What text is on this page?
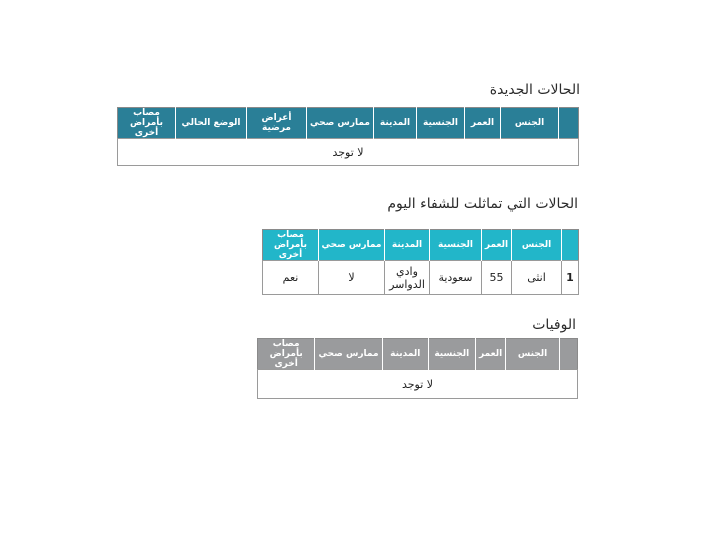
الحالات الجديدة
	الجنس	العمر	الجنسية	المدينة	ممارس صحي	أعراض مرضية	الوضع الحالي	مصاب بأمراض أخرى
لا توجد
الحالات التي تماثلت للشفاء اليوم
	الجنس	العمر	الجنسية	المدينة	ممارس صحي	مصاب بأمراض أخرى
1	انثى	55	سعودية	وادي الدواسر	لا	نعم
الوفيات
	الجنس	العمر	الجنسية	المدينة	ممارس صحي	مصاب بأمراض أخرى
لا توجد
